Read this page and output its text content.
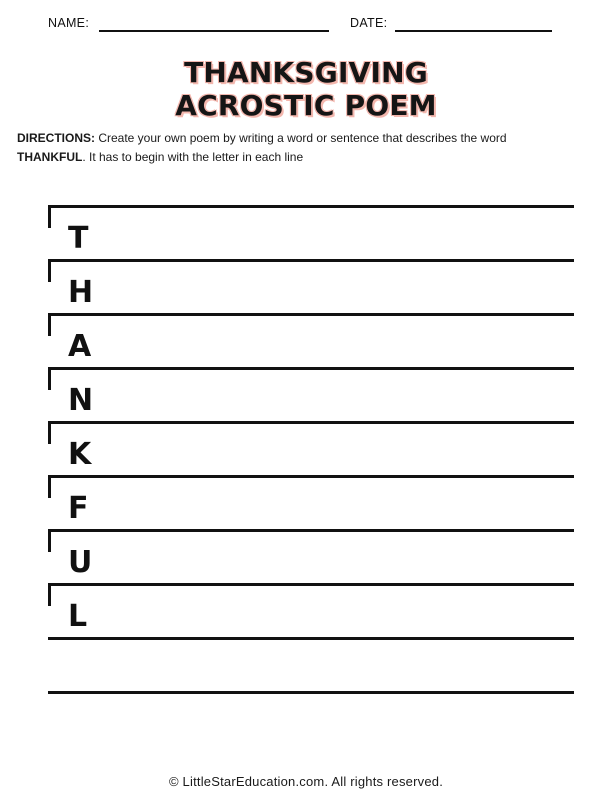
NAME:	DATE:
THANKSGIVING
ACROSTIC POEM
DIRECTIONS: Create your own poem by writing a word or sentence that describes the word
THANKFUL. It has to begin with the letter in each line
T
H
A
N
K
F
U
L
© LittleStarEducation.com. All rights reserved.
